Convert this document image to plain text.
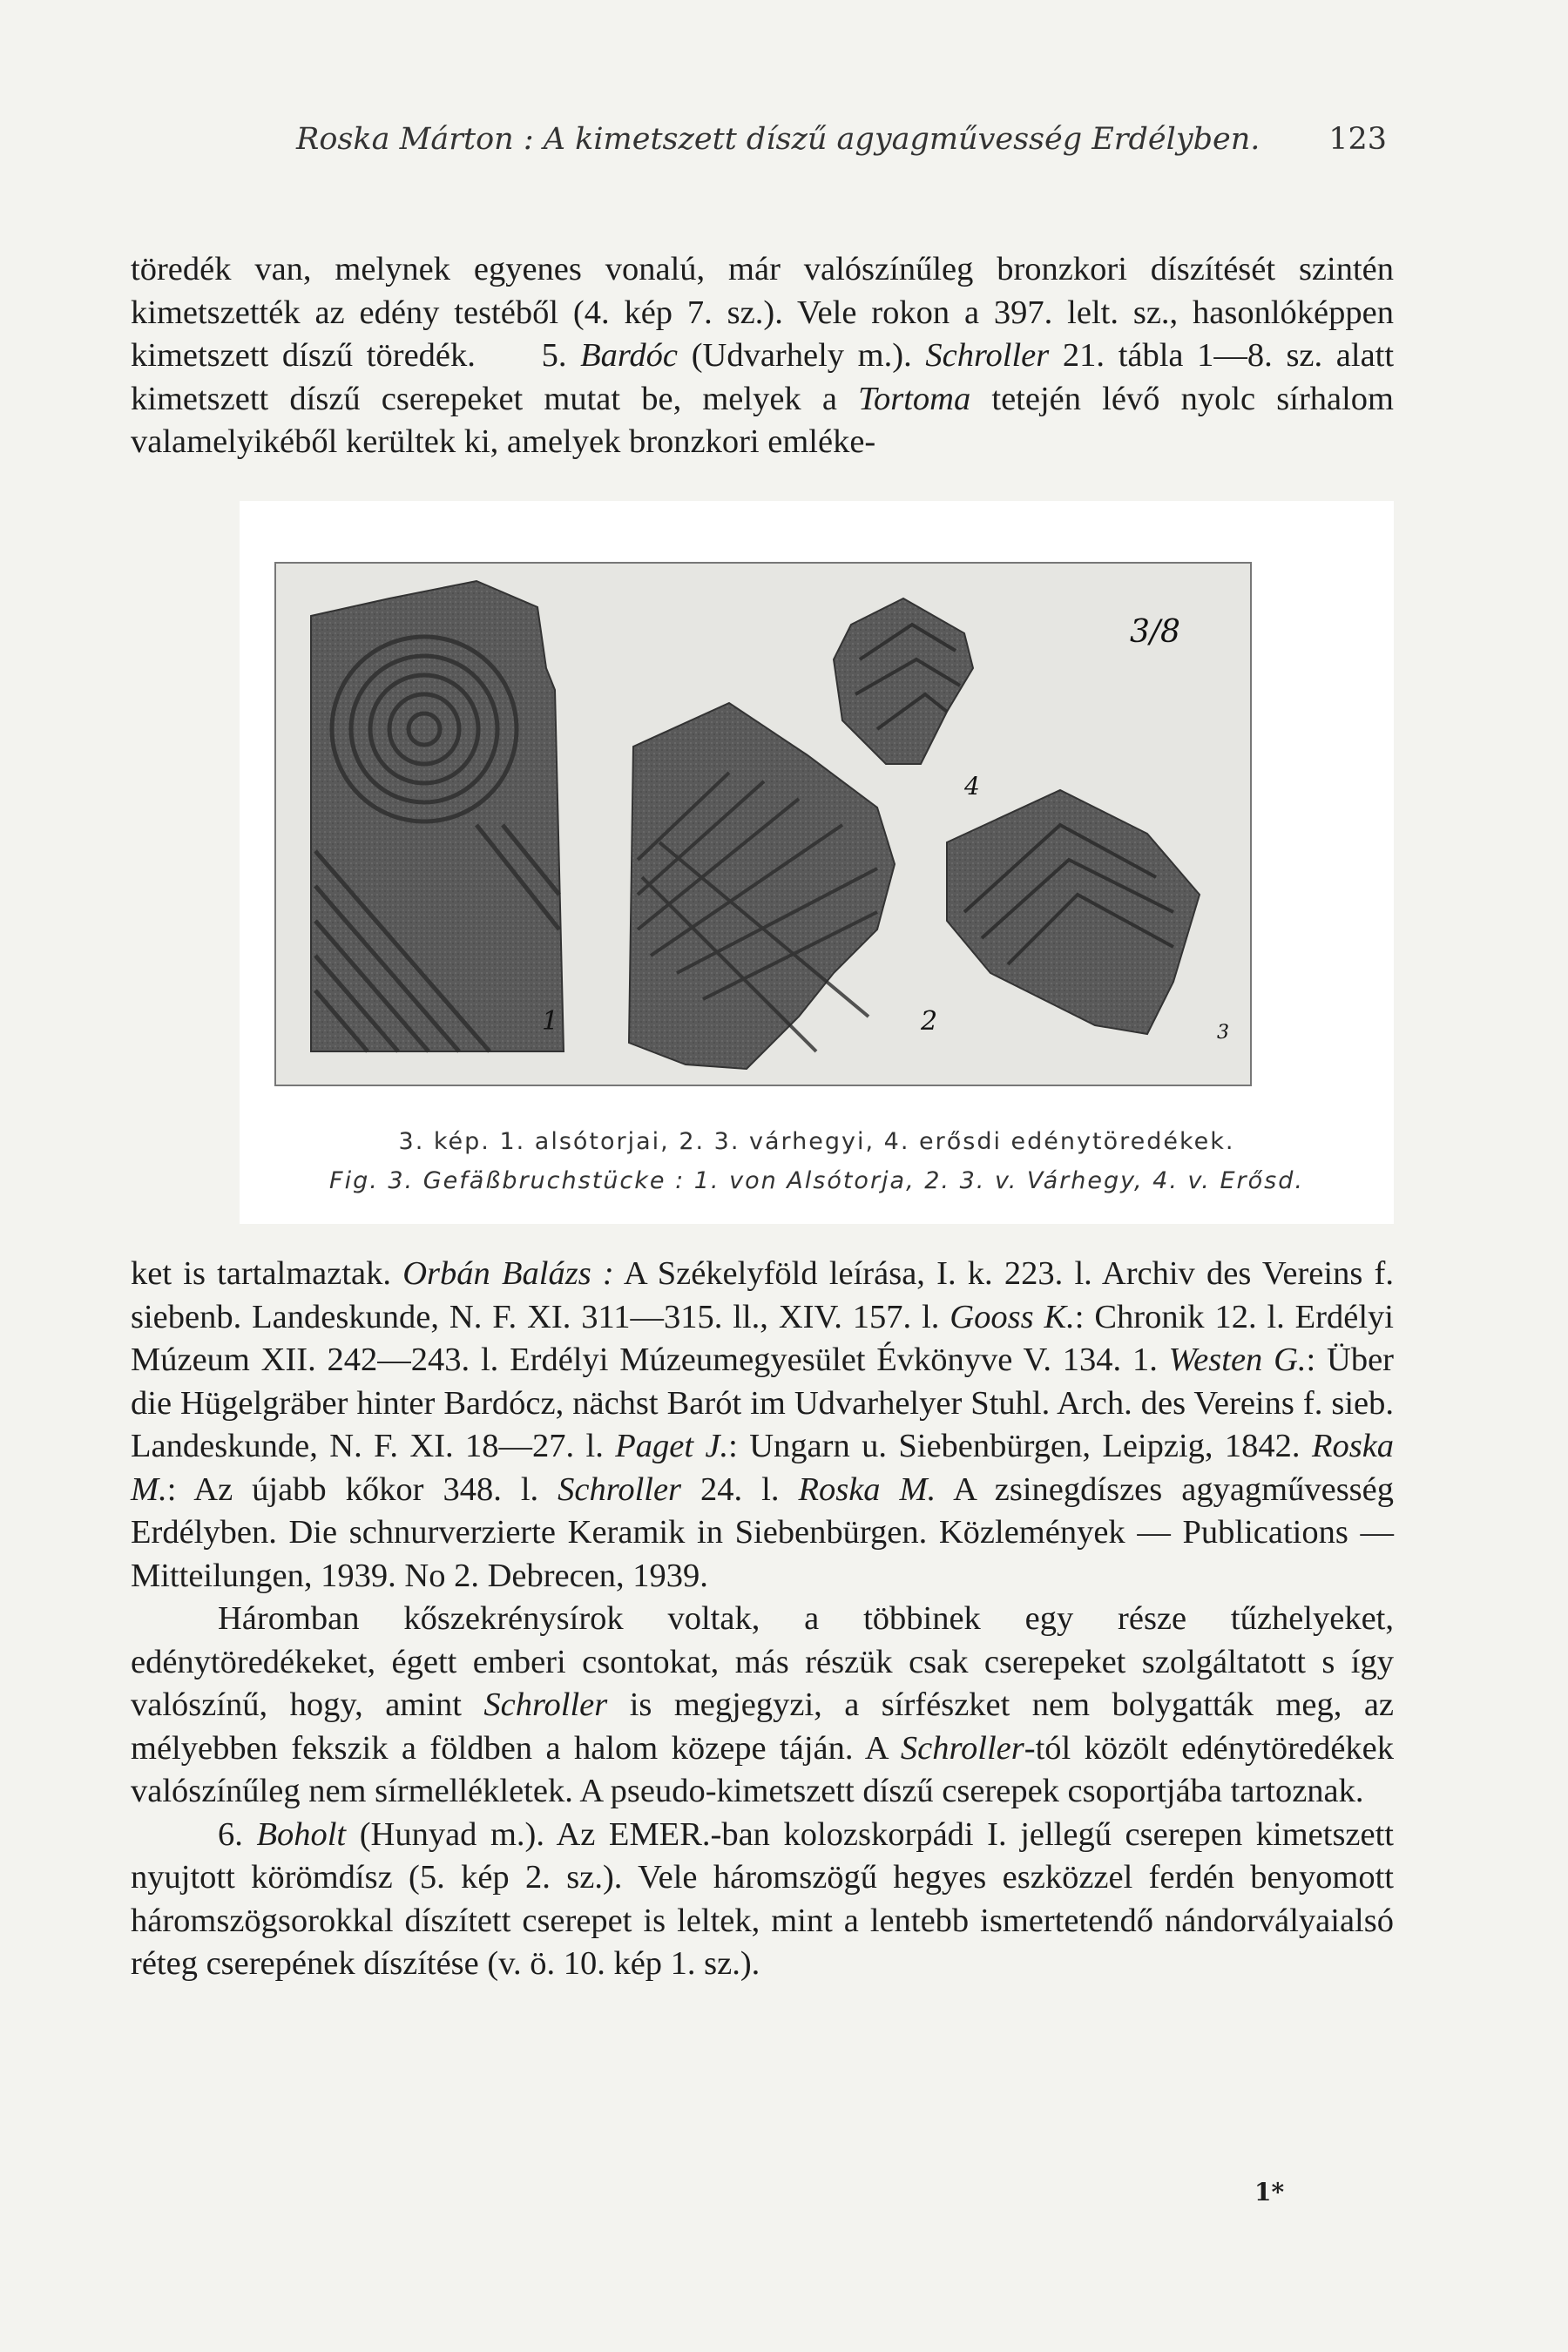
Roska Márton : A kimetszett díszű agyagművesség Erdélyben. 123

töredék van, melynek egyenes vonalú, már valószínűleg bronzkori díszítését szintén kimetszették az edény testéből (4. kép 7. sz.). Vele rokon a 397. lelt. sz., hasonlóképpen kimetszett díszű töredék. 5. Bardóc (Udvarhely m.). Schroller 21. tábla 1—8. sz. alatt kimetszett díszű cserepeket mutat be, melyek a Tortoma tetején lévő nyolc sírhalom valamelyikéből kerültek ki, amelyek bronzkori emléke-

1	2	3
4
3/8
3. kép. 1. alsótorjai, 2. 3. várhegyi, 4. erősdi edénytöredékek.
Fig. 3. Gefäßbruchstücke : 1. von Alsótorja, 2. 3. v. Várhegy, 4. v. Erősd.

ket is tartalmaztak. Orbán Balázs : A Székelyföld leírása, I. k. 223. l. Archiv des Vereins f. siebenb. Landeskunde, N. F. XI. 311—315. ll., XIV. 157. l. Gooss K.: Chronik 12. l. Erdélyi Múzeum XII. 242—243. l. Erdélyi Múzeumegyesület Évkönyve V. 134. 1. Westen G.: Über die Hügelgräber hinter Bardócz, nächst Barót im Udvarhelyer Stuhl. Arch. des Vereins f. sieb. Landeskunde, N. F. XI. 18—27. l. Paget J.: Ungarn u. Siebenbürgen, Leipzig, 1842. Roska M.: Az újabb kőkor 348. l. Schroller 24. l. Roska M. A zsinegdíszes agyagművesség Erdélyben. Die schnurverzierte Keramik in Siebenbürgen. Közlemények — Publications — Mitteilungen, 1939. No 2. Debrecen, 1939.

Háromban kőszekrénysírok voltak, a többinek egy része tűzhelyeket, edénytöredékeket, égett emberi csontokat, más részük csak cserepeket szolgáltatott s így valószínű, hogy, amint Schroller is megjegyzi, a sírfészket nem bolygatták meg, az mélyebben fekszik a földben a halom közepe táján. A Schroller-tól közölt edénytöredékek valószínűleg nem sírmellékletek. A pseudo-kimetszett díszű cserepek csoportjába tartoznak.

6. Boholt (Hunyad m.). Az EMER.-ban kolozskorpádi I. jellegű cserepen kimetszett nyujtott körömdísz (5. kép 2. sz.). Vele háromszögű hegyes eszközzel ferdén benyomott háromszögsorokkal díszített cserepet is leltek, mint a lentebb ismertetendő nándorvályaialsó réteg cserepének díszítése (v. ö. 10. kép 1. sz.).

1*
